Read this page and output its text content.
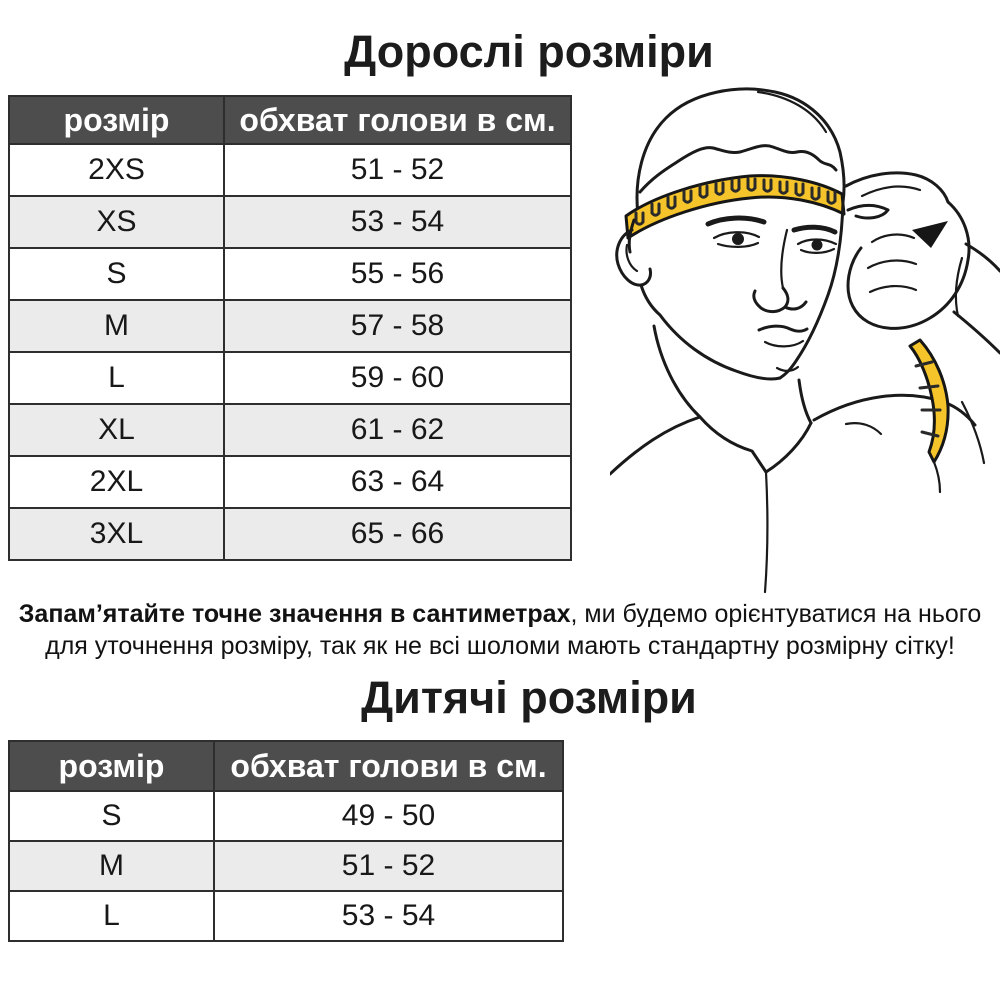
Дорослі розміри
розмір	обхват голови в см.
2XS	51 - 52
XS	53 - 54
S	55 - 56
M	57 - 58
L	59 - 60
XL	61 - 62
2XL	63 - 64
3XL	65 - 66

Запам’ятайте точне значення в сантиметрах, ми будемо орієнтуватися на нього для уточнення розміру, так як не всі шоломи мають стандартну розмірну сітку!

Дитячі розміри
розмір	обхват голови в см.
S	49 - 50
M	51 - 52
L	53 - 54
